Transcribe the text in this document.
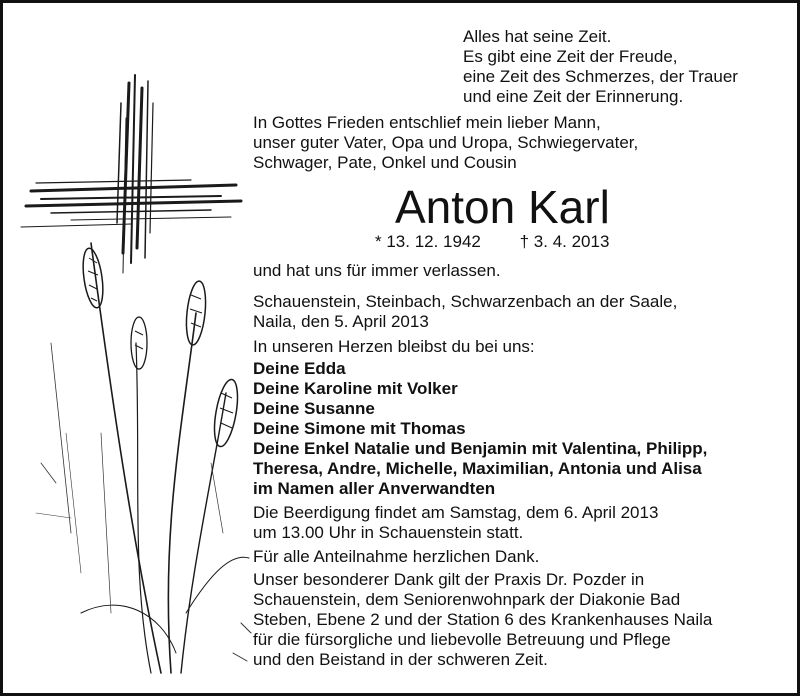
Alles hat seine Zeit.
Es gibt eine Zeit der Freude,
eine Zeit des Schmerzes, der Trauer
und eine Zeit der Erinnerung.
In Gottes Frieden entschlief mein lieber Mann,
unser guter Vater, Opa und Uropa, Schwiegervater,
Schwager, Pate, Onkel und Cousin
Anton Karl
* 13. 12. 1942 † 3. 4. 2013

und hat uns für immer verlassen.

Schauenstein, Steinbach, Schwarzenbach an der Saale,
Naila, den 5. April 2013

In unseren Herzen bleibst du bei uns:

Deine Edda
Deine Karoline mit Volker
Deine Susanne
Deine Simone mit Thomas
Deine Enkel Natalie und Benjamin mit Valentina, Philipp,
Theresa, Andre, Michelle, Maximilian, Antonia und Alisa
im Namen aller Anverwandten
Die Beerdigung findet am Samstag, dem 6. April 2013
um 13.00 Uhr in Schauenstein statt.

Für alle Anteilnahme herzlichen Dank.

Unser besonderer Dank gilt der Praxis Dr. Pozder in
Schauenstein, dem Seniorenwohnpark der Diakonie Bad
Steben, Ebene 2 und der Station 6 des Krankenhauses Naila
für die fürsorgliche und liebevolle Betreuung und Pflege
und den Beistand in der schweren Zeit.
